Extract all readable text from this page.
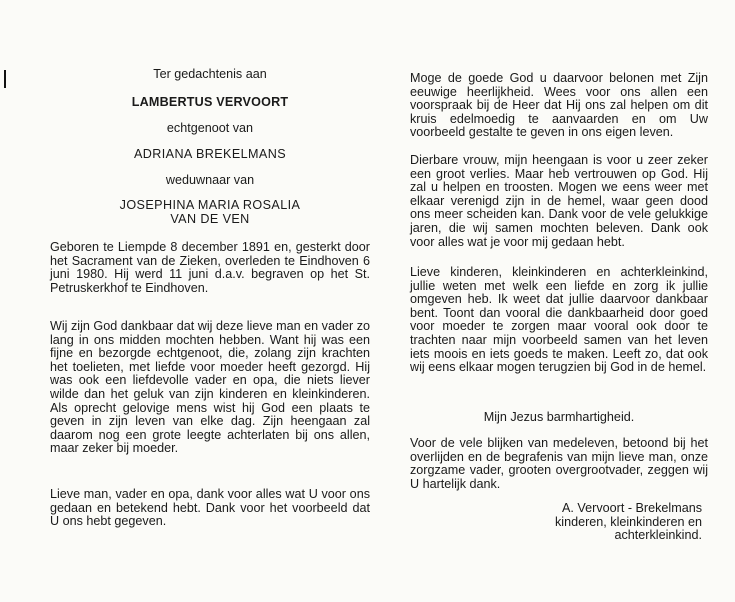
Ter gedachtenis aan
LAMBERTUS VERVOORT
echtgenoot van
ADRIANA BREKELMANS
weduwnaar van
JOSEPHINA MARIA ROSALIA
VAN DE VEN

Geboren te Liempde 8 december 1891 en, gesterkt door het Sacrament van de Zieken, overleden te Eindhoven 6 juni 1980. Hij werd 11 juni d.a.v. begraven op het St. Petruskerkhof te Eindhoven.

Wij zijn God dankbaar dat wij deze lieve man en vader zo lang in ons midden mochten hebben. Want hij was een fijne en bezorgde echtgenoot, die, zolang zijn krachten het toelieten, met liefde voor moeder heeft gezorgd. Hij was ook een liefdevolle vader en opa, die niets liever wilde dan het geluk van zijn kinderen en kleinkinderen. Als oprecht gelovige mens wist hij God een plaats te geven in zijn leven van elke dag. Zijn heengaan zal daarom nog een grote leegte achterlaten bij ons allen, maar zeker bij moeder.

Lieve man, vader en opa, dank voor alles wat U voor ons gedaan en betekend hebt. Dank voor het voorbeeld dat U ons hebt gegeven.

Moge de goede God u daarvoor belonen met Zijn eeuwige heerlijkheid. Wees voor ons allen een voorspraak bij de Heer dat Hij ons zal helpen om dit kruis edelmoedig te aanvaarden en om Uw voorbeeld gestalte te geven in ons eigen leven.

Dierbare vrouw, mijn heengaan is voor u zeer zeker een groot verlies. Maar heb vertrouwen op God. Hij zal u helpen en troosten. Mogen we eens weer met elkaar verenigd zijn in de hemel, waar geen dood ons meer scheiden kan. Dank voor de vele gelukkige jaren, die wij samen mochten beleven. Dank ook voor alles wat je voor mij gedaan hebt.

Lieve kinderen, kleinkinderen en achterkleinkind, jullie weten met welk een liefde en zorg ik jullie omgeven heb. Ik weet dat jullie daarvoor dankbaar bent. Toont dan vooral die dankbaarheid door goed voor moeder te zorgen maar vooral ook door te trachten naar mijn voorbeeld samen van het leven iets moois en iets goeds te maken. Leeft zo, dat ook wij eens elkaar mogen terugzien bij God in de hemel.

Mijn Jezus barmhartigheid.

Voor de vele blijken van medeleven, betoond bij het overlijden en de begrafenis van mijn lieve man, onze zorgzame vader, grooten overgrootvader, zeggen wij U hartelijk dank.

A. Vervoort - Brekelmans
kinderen, kleinkinderen en
achterkleinkind.
